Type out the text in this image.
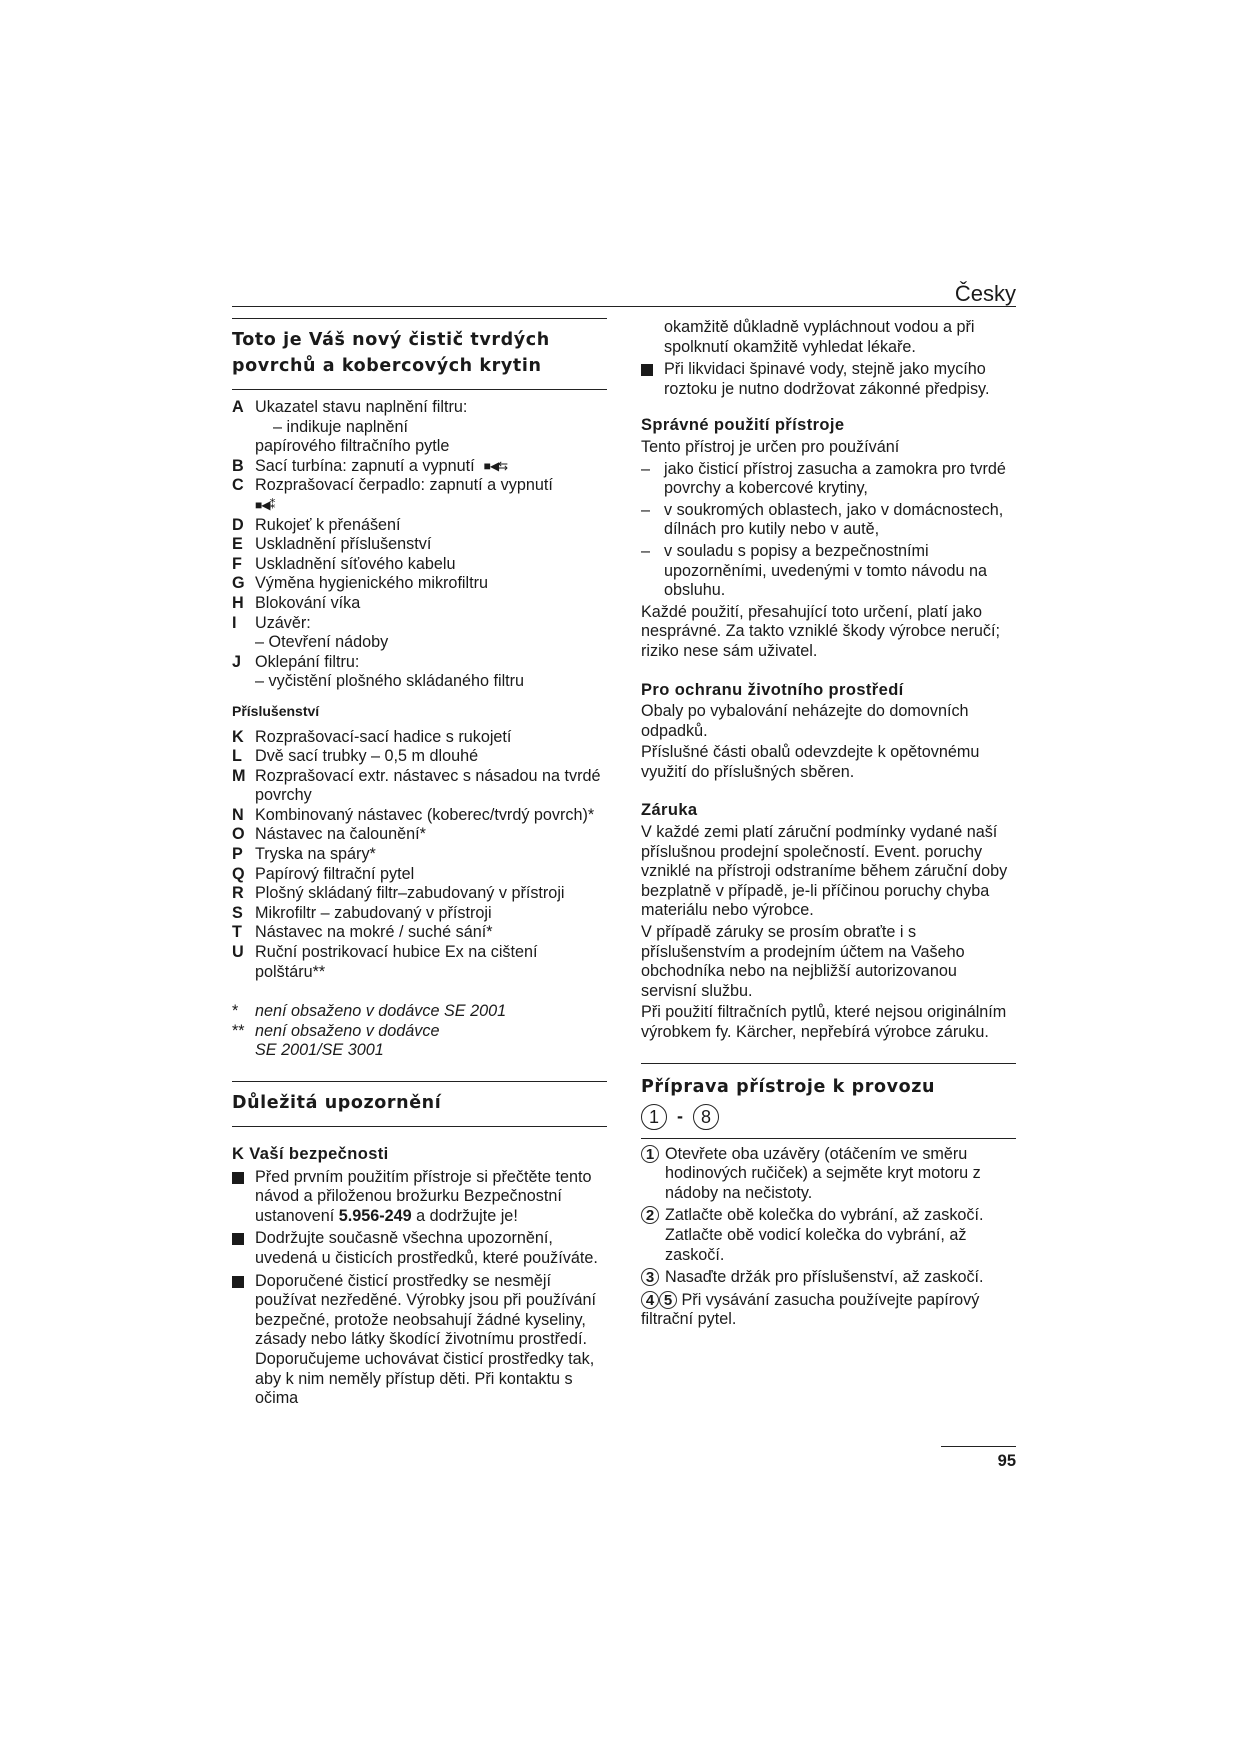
Česky
Toto je Váš nový čistič tvrdých povrchů a kobercových krytin
A Ukazatel stavu naplnění filtru:
– indikuje naplnění
papírového filtračního pytle
B Sací turbína: zapnutí a vypnutí ■◀⇆
C Rozprašovací čerpadlo: zapnutí a vypnutí
■◀⁑
D Rukojeť k přenášení
E Uskladnění příslušenství
F Uskladnění síťového kabelu
G Výměna hygienického mikrofiltru
H Blokování víka
I	Uzávěr:
– Otevření nádoby
J Oklepání filtru:
– vyčistění plošného skládaného filtru
Příslušenství
K Rozprašovací-sací hadice s rukojetí
L Dvě sací trubky – 0,5 m dlouhé
M Rozprašovací extr. nástavec s násadou na tvrdé povrchy
N Kombinovaný nástavec (koberec/tvrdý povrch)*
O Nástavec na čalounění*
P Tryska na spáry*
Q Papírový filtrační pytel
R Plošný skládaný filtr–zabudovaný v přístroji
S Mikrofiltr – zabudovaný v přístroji
T Nástavec na mokré / suché sání*
U Ruční postrikovací hubice Ex na cištení polštáru**
*	není obsaženo v dodávce SE 2001
** není obsaženo v dodávce
SE 2001/SE 3001
Důležitá upozornění
K Vaší bezpečnosti
Před prvním použitím přístroje si přečtěte tento návod a přiloženou brožurku Bezpečnostní ustanovení 5.956-249 a dodržujte je!
Dodržujte současně všechna upozornění, uvedená u čisticích prostředků, které používáte.
Doporučené čisticí prostředky se nesmějí používat nezředěné. Výrobky jsou při používání bezpečné, protože neobsahují žádné kyseliny, zásady nebo látky škodící životnímu prostředí. Doporučujeme uchovávat čisticí prostředky tak, aby k nim neměly přístup děti. Při kontaktu s očima
okamžitě důkladně vypláchnout vodou a při spolknutí okamžitě vyhledat lékaře.
Při likvidaci špinavé vody, stejně jako mycího roztoku je nutno dodržovat zákonné předpisy.
Správné použití přístroje
Tento přístroj je určen pro používání
– jako čisticí přístroj zasucha a zamokra pro tvrdé povrchy a kobercové krytiny,
– v soukromých oblastech, jako v domácnostech, dílnách pro kutily nebo v autě,
– v souladu s popisy a bezpečnostními upozorněními, uvedenými v tomto návodu na obsluhu.
Každé použití, přesahující toto určení, platí jako nesprávné. Za takto vzniklé škody výrobce neručí; riziko nese sám uživatel.
Pro ochranu životního prostředí
Obaly po vybalování neházejte do domovních odpadků.
Příslušné části obalů odevzdejte k opětovnému využití do příslušných sběren.
Záruka
V každé zemi platí záruční podmínky vydané naší příslušnou prodejní společností. Event. poruchy vzniklé na přístroji odstraníme během záruční doby bezplatně v případě, je-li příčinou poruchy chyba materiálu nebo výrobce.
V případě záruky se prosím obraťte i s příslušenstvím a prodejním účtem na Vašeho obchodníka nebo na nejbližší autorizovanou servisní službu.
Při použití filtračních pytlů, které nejsou originálním výrobkem fy. Kärcher, nepřebírá výrobce záruku.
Příprava přístroje k provozu
1	- 8
1 Otevřete oba uzávěry (otáčením ve směru hodinových ručiček) a sejměte kryt motoru z nádoby na nečistoty.
2 Zatlačte obě kolečka do vybrání, až zaskočí.
Zatlačte obě vodicí kolečka do vybrání, až zaskočí.
3 Nasaďte držák pro příslušenství, až zaskočí.
4 5 Při vysávání zasucha používejte papírový filtrační pytel.
95
